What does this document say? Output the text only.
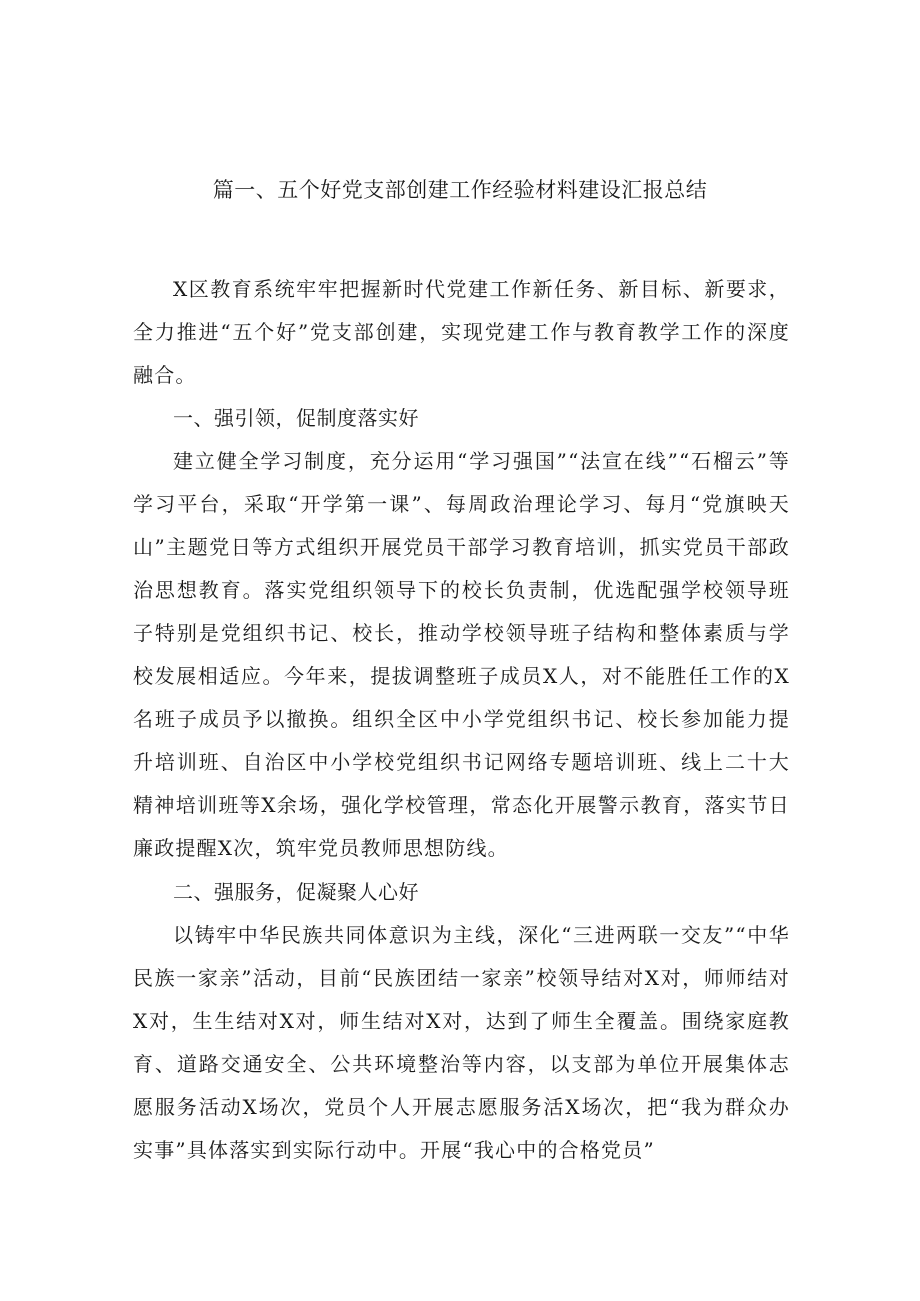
篇一、五个好党支部创建工作经验材料建设汇报总结

X区教育系统牢牢把握新时代党建工作新任务、新目标、新要求，全力推进“五个好”党支部创建，实现党建工作与教育教学工作的深度融合。

一、强引领，促制度落实好

建立健全学习制度，充分运用“学习强国”“法宣在线”“石榴云”等学习平台，采取“开学第一课”、每周政治理论学习、每月“党旗映天山”主题党日等方式组织开展党员干部学习教育培训，抓实党员干部政治思想教育。落实党组织领导下的校长负责制，优选配强学校领导班子特别是党组织书记、校长，推动学校领导班子结构和整体素质与学校发展相适应。今年来，提拔调整班子成员X人，对不能胜任工作的X名班子成员予以撤换。组织全区中小学党组织书记、校长参加能力提升培训班、自治区中小学校党组织书记网络专题培训班、线上二十大精神培训班等X余场，强化学校管理，常态化开展警示教育，落实节日廉政提醒X次，筑牢党员教师思想防线。

二、强服务，促凝聚人心好

以铸牢中华民族共同体意识为主线，深化“三进两联一交友”“中华民族一家亲”活动，目前“民族团结一家亲”校领导结对X对，师师结对X对，生生结对X对，师生结对X对，达到了师生全覆盖。围绕家庭教育、道路交通安全、公共环境整治等内容，以支部为单位开展集体志愿服务活动X场次，党员个人开展志愿服务活X场次，把“我为群众办实事”具体落实到实际行动中。开展“我心中的合格党员”
